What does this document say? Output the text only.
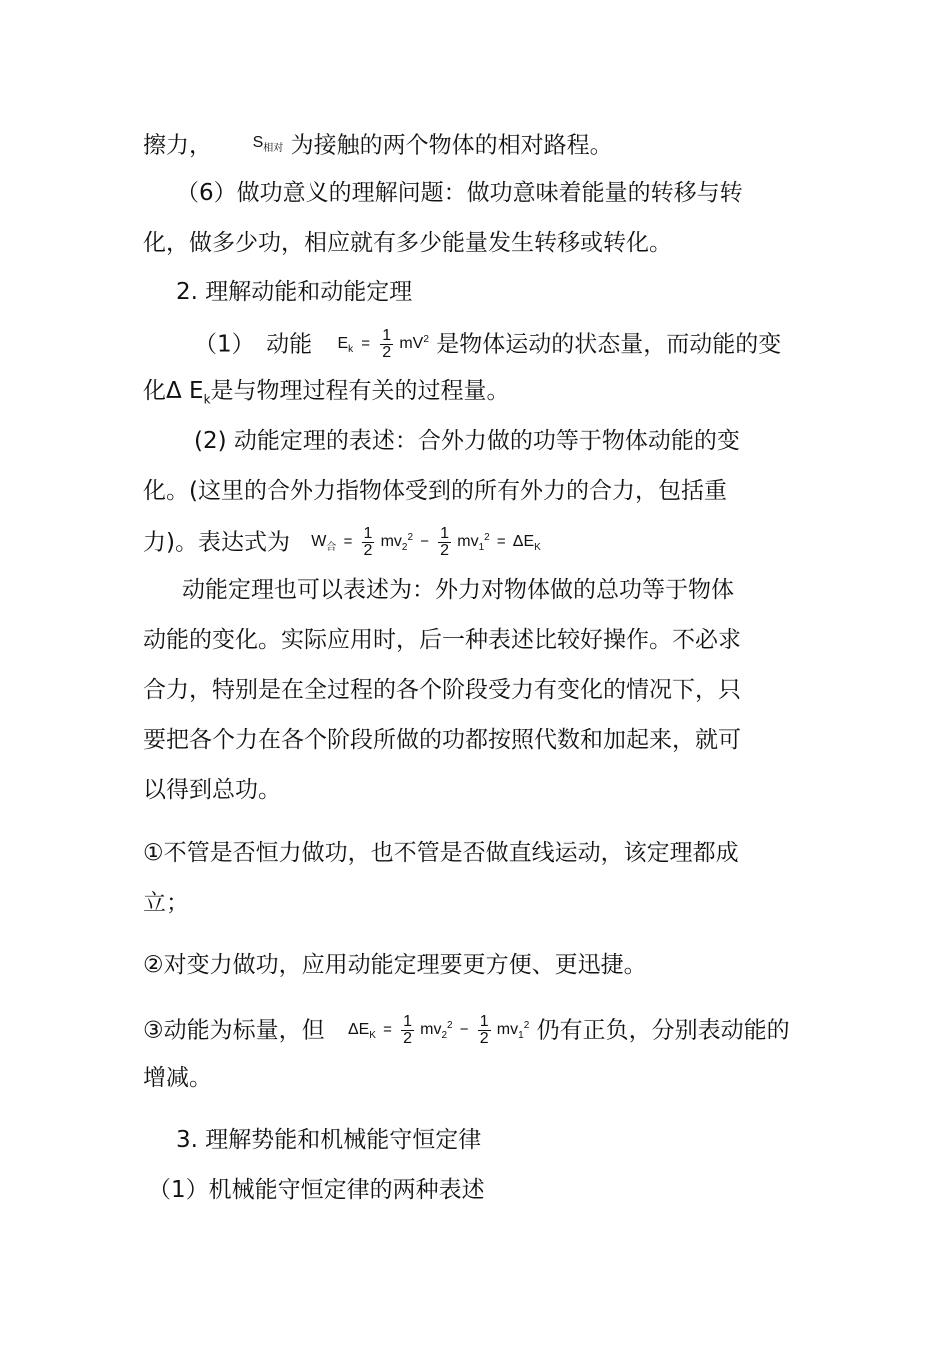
擦力，	$S_{相对}$ 为接触的两个物体的相对路程。
（6）做功意义的理解问题：做功意味着能量的转移与转
化，做多少功，相应就有多少能量发生转移或转化。
2. 理解动能和动能定理
（1）　动能 $E_k = \frac{1}{2} mV^2$ 是物体运动的状态量，而动能的变
化Δ $E_k$是与物理过程有关的过程量。
(2) 动能定理的表述：合外力做的功等于物体动能的变
化。(这里的合外力指物体受到的所有外力的合力，包括重
力)。表达式为 $W_合 = \frac{1}{2} mv_2^2 - \frac{1}{2} mv_1^2 = \Delta E_K$
动能定理也可以表述为：外力对物体做的总功等于物体
动能的变化。实际应用时，后一种表述比较好操作。不必求
合力，特别是在全过程的各个阶段受力有变化的情况下，只
要把各个力在各个阶段所做的功都按照代数和加起来，就可
以得到总功。
①不管是否恒力做功，也不管是否做直线运动，该定理都成
立；
②对变力做功，应用动能定理要更方便、更迅捷。
③动能为标量，但 $\Delta E_K = \frac{1}{2} mv_2^2 - \frac{1}{2} mv_1^2$ 仍有正负，分别表动能的
增减。
3. 理解势能和机械能守恒定律
（1）机械能守恒定律的两种表述
